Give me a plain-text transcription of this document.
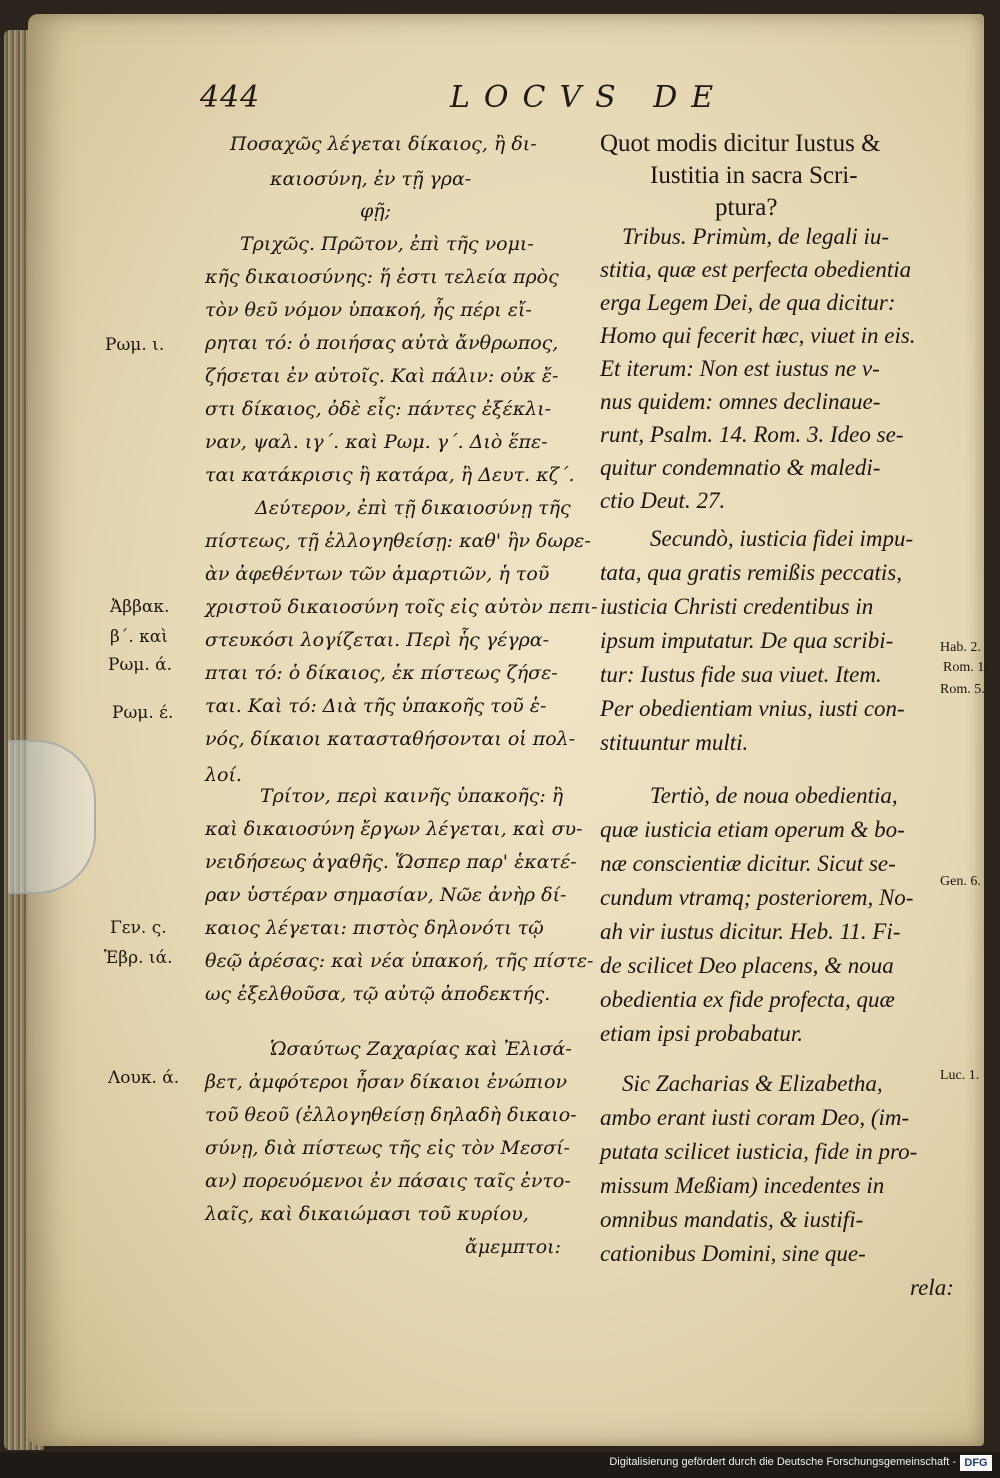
444	LOCVS DE
Ποσαχῶς λέγεται δίκαιος, ἢ δι-
καιοσύνη, ἐν τῇ γρα-
φῇ;
Τριχῶς. Πρῶτον, ἐπὶ τῆς νομι-
κῆς δικαιοσύνης: ἥ ἐστι τελεία πρὸς
τὸν θεῦ νόμον ὑπακοή, ἧς πέρι εἴ-
ρηται τό: ὁ ποιήσας αὐτὰ ἄνθρωπος,
ζήσεται ἐν αὐτοῖς. Καὶ πάλιν: οὐκ ἔ-
στι δίκαιος, ὀδὲ εἷς: πάντες ἐξέκλι-
ναν, ψαλ. ιγ΄. καὶ Ρωμ. γ΄. Διὸ ἕπε-
ται κατάκρισις ἢ κατάρα, ἢ Δευτ. κζ΄.
Δεύτερον, ἐπὶ τῇ δικαιοσύνῃ τῆς
πίστεως, τῇ ἐλλογηθείσῃ: καθ' ἣν δωρε-
ὰν ἀφεθέντων τῶν ἁμαρτιῶν, ἡ τοῦ
χριστοῦ δικαιοσύνη τοῖς εἰς αὐτὸν πεπι-
στευκόσι λογίζεται. Περὶ ἧς γέγρα-
πται τό: ὁ δίκαιος, ἐκ πίστεως ζήσε-
ται. Καὶ τό: Διὰ τῆς ὑπακοῆς τοῦ ἑ-
νός, δίκαιοι κατασταθήσονται οἱ πολ-
λοί.
Τρίτον, περὶ καινῆς ὑπακοῆς: ἣ
καὶ δικαιοσύνη ἔργων λέγεται, καὶ συ-
νειδήσεως ἀγαθῆς. Ὥσπερ παρ' ἑκατέ-
ραν ὑστέραν σημασίαν, Νῶε ἀνὴρ δί-
καιος λέγεται: πιστὸς δηλονότι τῷ
θεῷ ἀρέσας: καὶ νέα ὑπακοή, τῆς πίστε-
ως ἐξελθοῦσα, τῷ αὐτῷ ἀποδεκτής.
Ὡσαύτως Ζαχαρίας καὶ Ἐλισά-
βετ, ἀμφότεροι ἦσαν δίκαιοι ἐνώπιον
τοῦ θεοῦ (ἐλλογηθείσῃ δηλαδὴ δικαιο-
σύνῃ, διὰ πίστεως τῆς εἰς τὸν Μεσσί-
αν) πορευόμενοι ἐν πάσαις ταῖς ἐντο-
λαῖς, καὶ δικαιώμασι τοῦ κυρίου,
ἄμεμπτοι:
Quot modis dicitur Iustus &
Iustitia in sacra Scri-
ptura?
Tribus. Primùm, de legali iu-
stitia, quæ est perfecta obedientia
erga Legem Dei, de qua dicitur:
Homo qui fecerit hæc, viuet in eis.
Et iterum: Non est iustus ne v-
nus quidem: omnes declinaue-
runt, Psalm. 14. Rom. 3. Ideo se-
quitur condemnatio & maledi-
ctio Deut. 27.
Secundò, iusticia fidei impu-
tata, qua gratis remißis peccatis,
iusticia Christi credentibus in
ipsum imputatur. De qua scribi-
tur: Iustus fide sua viuet. Item.
Per obedientiam vnius, iusti con-
stituuntur multi.
Tertiò, de noua obedientia,
quæ iusticia etiam operum & bo-
næ conscientiæ dicitur. Sicut se-
cundum vtramq; posteriorem, No-
ah vir iustus dicitur. Heb. 11. Fi-
de scilicet Deo placens, & noua
obedientia ex fide profecta, quæ
etiam ipsi probabatur.
Sic Zacharias & Elizabetha,
ambo erant iusti coram Deo, (im-
putata scilicet iusticia, fide in pro-
missum Meßiam) incedentes in
omnibus mandatis, & iustifi-
cationibus Domini, sine que-
rela:
Ρωμ. ι.
Ἀββακ.
β΄. καὶ
Ρωμ. ά.
Ρωμ. έ.
Γεν. ς.
Ἑβρ. ιά.
Λουκ. ά.
Hab. 2.
Rom. 1.
Rom. 5.
Gen. 6.
Luc. 1.
Digitalisierung gefördert durch die Deutsche Forschungsgemeinschaft - DFG
